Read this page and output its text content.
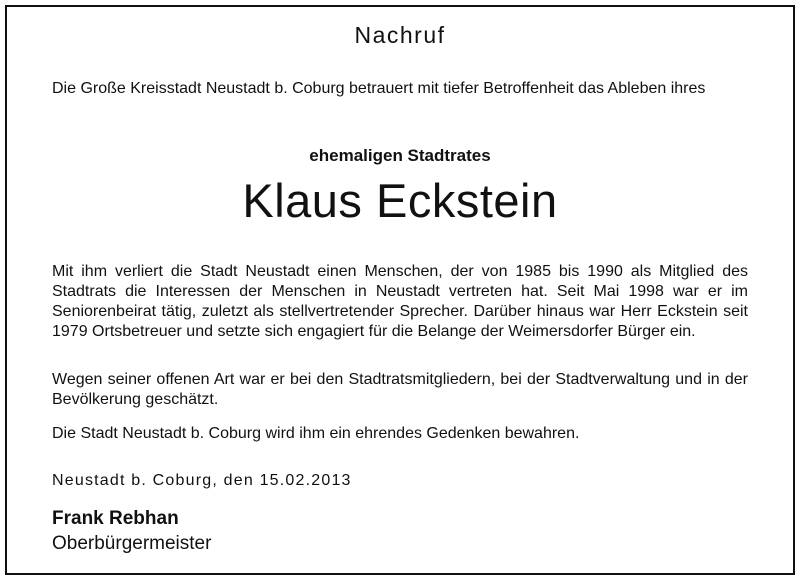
Nachruf
Die Große Kreisstadt Neustadt b. Coburg betrauert mit tiefer Betroffenheit das Ableben ihres
ehemaligen Stadtrates
Klaus Eckstein

Mit ihm verliert die Stadt Neustadt einen Menschen, der von 1985 bis 1990 als Mitglied des Stadtrats die Interessen der Menschen in Neustadt vertreten hat. Seit Mai 1998 war er im Seniorenbeirat tätig, zuletzt als stellvertretender Sprecher. Darüber hinaus war Herr Eckstein seit 1979 Ortsbetreuer und setzte sich engagiert für die Belange der Weimersdorfer Bürger ein.

Wegen seiner offenen Art war er bei den Stadtratsmitgliedern, bei der Stadtverwaltung und in der Bevölkerung geschätzt.

Die Stadt Neustadt b. Coburg wird ihm ein ehrendes Gedenken bewahren.

Neustadt b. Coburg, den 15.02.2013
Frank Rebhan
Oberbürgermeister
